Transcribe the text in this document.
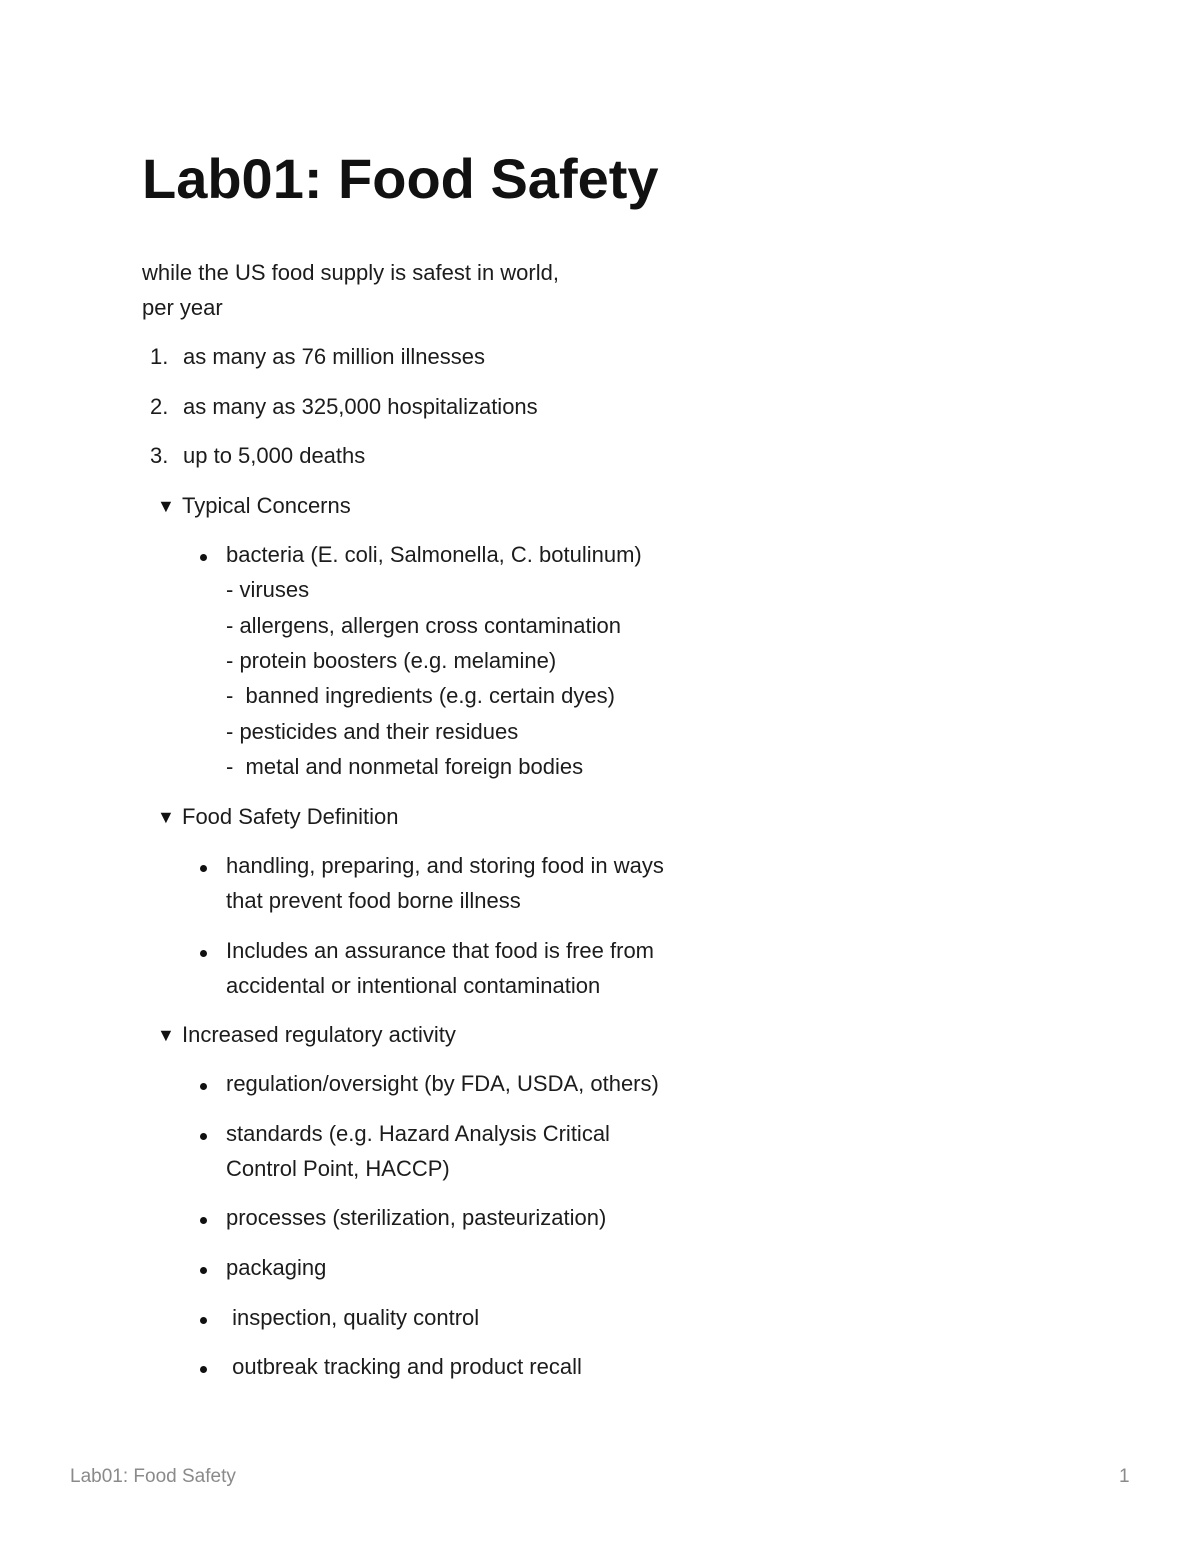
Lab01: Food Safety
while the US food supply is safest in world,
per year
1. as many as 76 million illnesses
2. as many as 325,000 hospitalizations
3. up to 5,000 deaths
▼ Typical Concerns
bacteria (E. coli, Salmonella, C. botulinum)
- viruses
- allergens, allergen cross contamination
- protein boosters (e.g. melamine)
-  banned ingredients (e.g. certain dyes)
- pesticides and their residues
-  metal and nonmetal foreign bodies
▼ Food Safety Definition
handling, preparing, and storing food in ways
that prevent food borne illness
Includes an assurance that food is free from
accidental or intentional contamination
▼ Increased regulatory activity
regulation/oversight (by FDA, USDA, others)
standards (e.g. Hazard Analysis Critical
Control Point, HACCP)
processes (sterilization, pasteurization)
packaging
inspection, quality control
outbreak tracking and product recall
Lab01: Food Safety	1
